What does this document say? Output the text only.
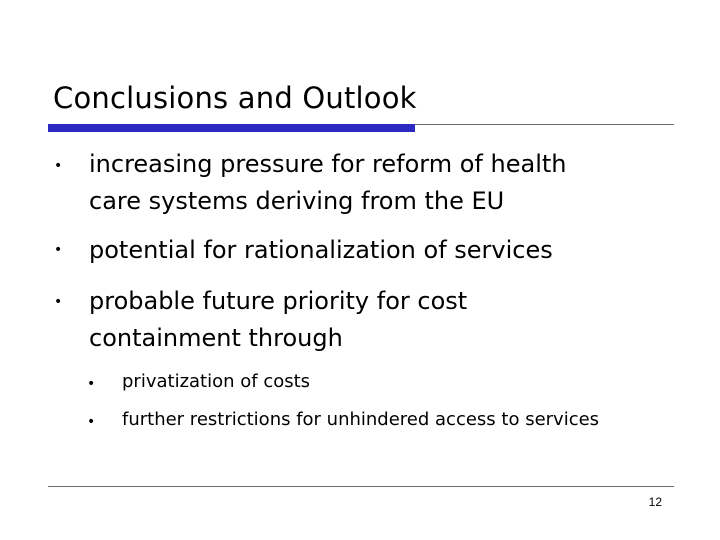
Conclusions and Outlook
• increasing pressure for reform of health
care systems deriving from the EU
• potential for rationalization of services
• probable future priority for cost
containment through
• privatization of costs
• further restrictions for unhindered access to services
12
